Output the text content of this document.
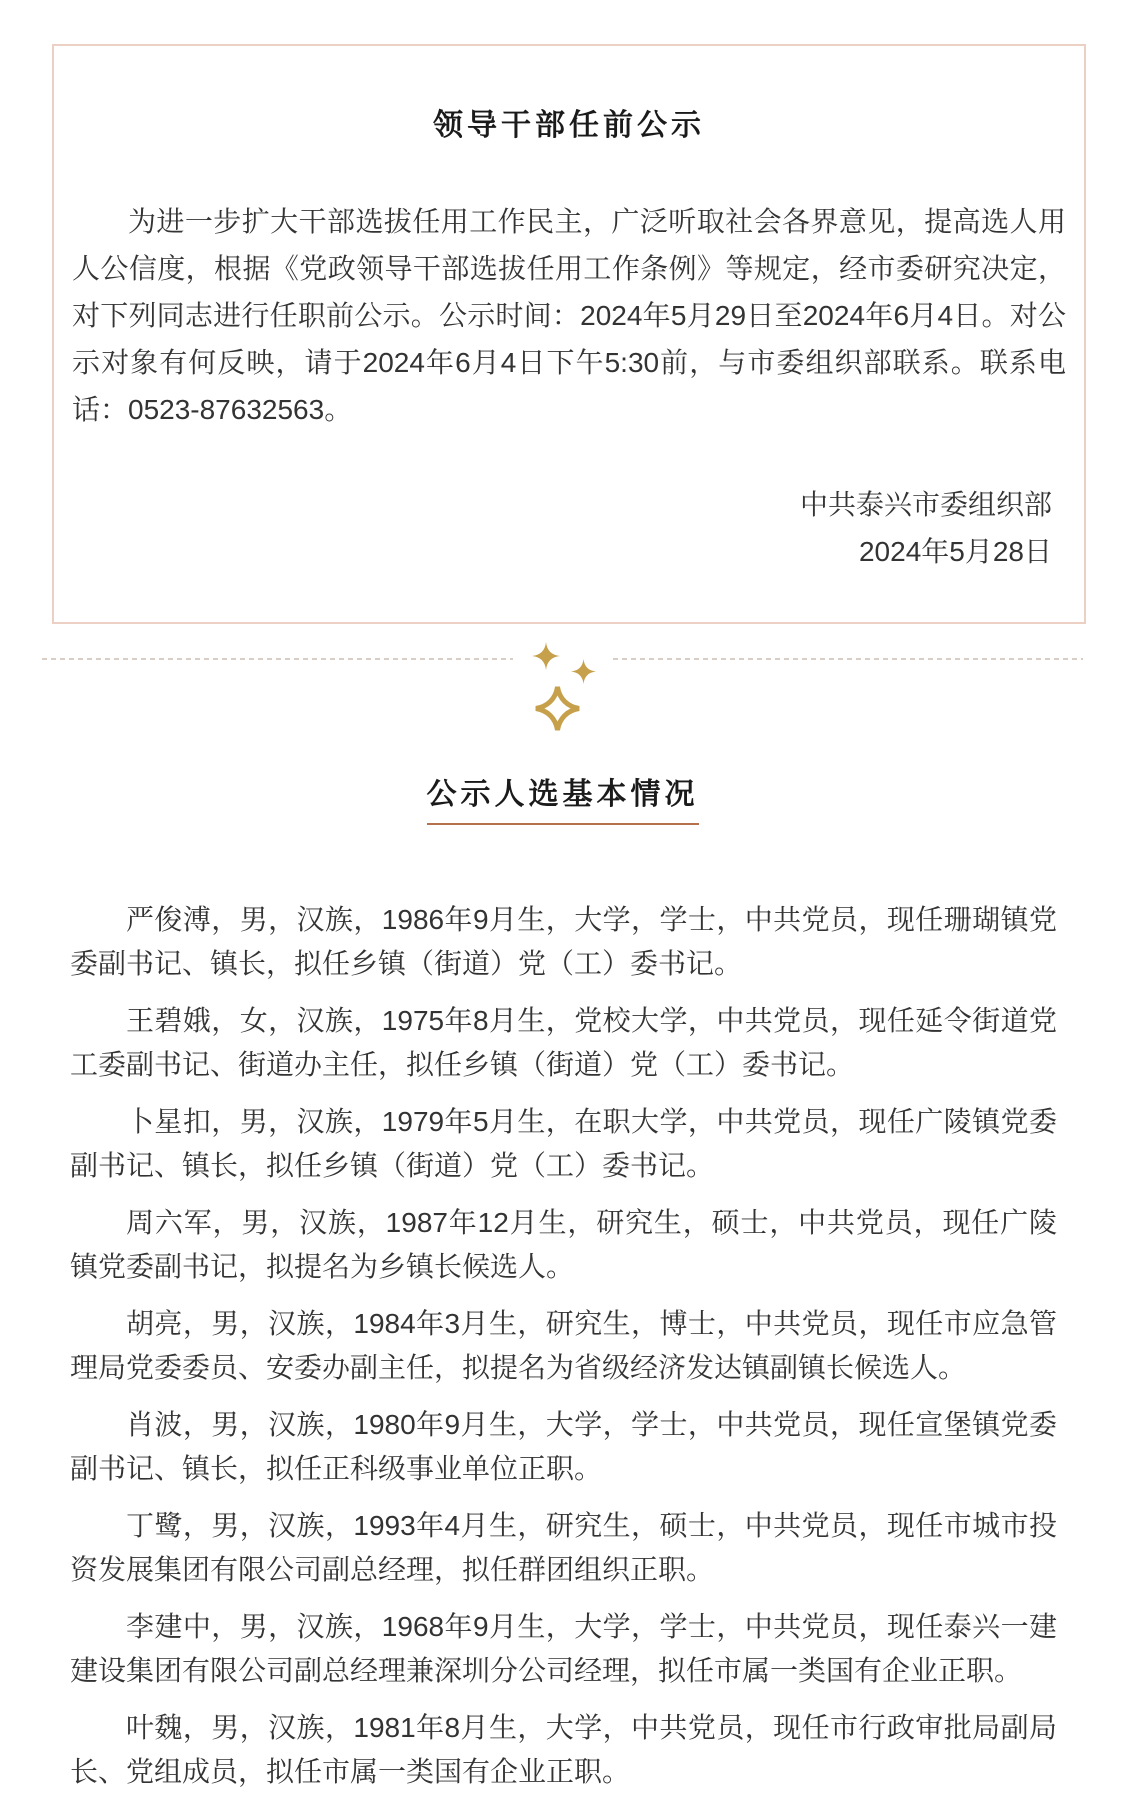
领导干部任前公示

为进一步扩大干部选拔任用工作民主，广泛听取社会各界意见，提高选人用人公信度，根据《党政领导干部选拔任用工作条例》等规定，经市委研究决定，对下列同志进行任职前公示。公示时间：2024年5月29日至2024年6月4日。对公示对象有何反映，请于2024年6月4日下午5:30前，与市委组织部联系。联系电话：0523-87632563。

中共泰兴市委组织部
2024年5月28日
公示人选基本情况

严俊溥，男，汉族，1986年9月生，大学，学士，中共党员，现任珊瑚镇党委副书记、镇长，拟任乡镇（街道）党（工）委书记。

王碧娥，女，汉族，1975年8月生，党校大学，中共党员，现任延令街道党工委副书记、街道办主任，拟任乡镇（街道）党（工）委书记。

卜星扣，男，汉族，1979年5月生，在职大学，中共党员，现任广陵镇党委副书记、镇长，拟任乡镇（街道）党（工）委书记。

周六军，男，汉族，1987年12月生，研究生，硕士，中共党员，现任广陵镇党委副书记，拟提名为乡镇长候选人。

胡亮，男，汉族，1984年3月生，研究生，博士，中共党员，现任市应急管理局党委委员、安委办副主任，拟提名为省级经济发达镇副镇长候选人。

肖波，男，汉族，1980年9月生，大学，学士，中共党员，现任宣堡镇党委副书记、镇长，拟任正科级事业单位正职。

丁鹭，男，汉族，1993年4月生，研究生，硕士，中共党员，现任市城市投资发展集团有限公司副总经理，拟任群团组织正职。

李建中，男，汉族，1968年9月生，大学，学士，中共党员，现任泰兴一建建设集团有限公司副总经理兼深圳分公司经理，拟任市属一类国有企业正职。

叶魏，男，汉族，1981年8月生，大学，中共党员，现任市行政审批局副局长、党组成员，拟任市属一类国有企业正职。
